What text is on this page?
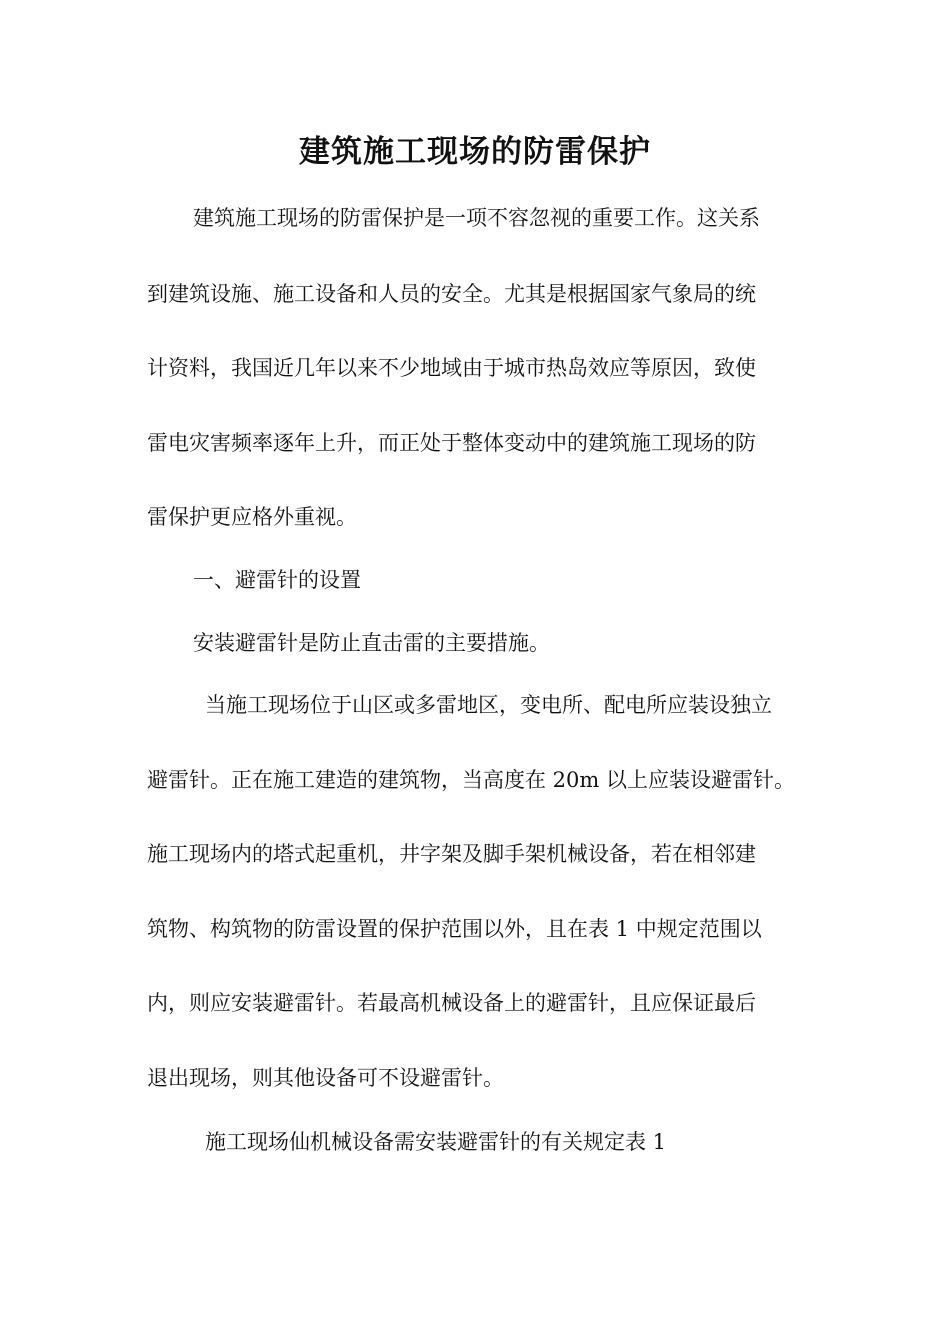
建筑施工现场的防雷保护

建筑施工现场的防雷保护是一项不容忽视的重要工作。这关系

到建筑设施、施工设备和人员的安全。尤其是根据国家气象局的统

计资料，我国近几年以来不少地域由于城市热岛效应等原因，致使

雷电灾害频率逐年上升，而正处于整体变动中的建筑施工现场的防

雷保护更应格外重视。

一、避雷针的设置

安装避雷针是防止直击雷的主要措施。

当施工现场位于山区或多雷地区，变电所、配电所应装设独立

避雷针。正在施工建造的建筑物，当高度在 20m 以上应装设避雷针。

施工现场内的塔式起重机，井字架及脚手架机械设备，若在相邻建

筑物、构筑物的防雷设置的保护范围以外，且在表 1 中规定范围以

内，则应安装避雷针。若最高机械设备上的避雷针，且应保证最后

退出现场，则其他设备可不设避雷针。

施工现场仙机械设备需安装避雷针的有关规定表 1
